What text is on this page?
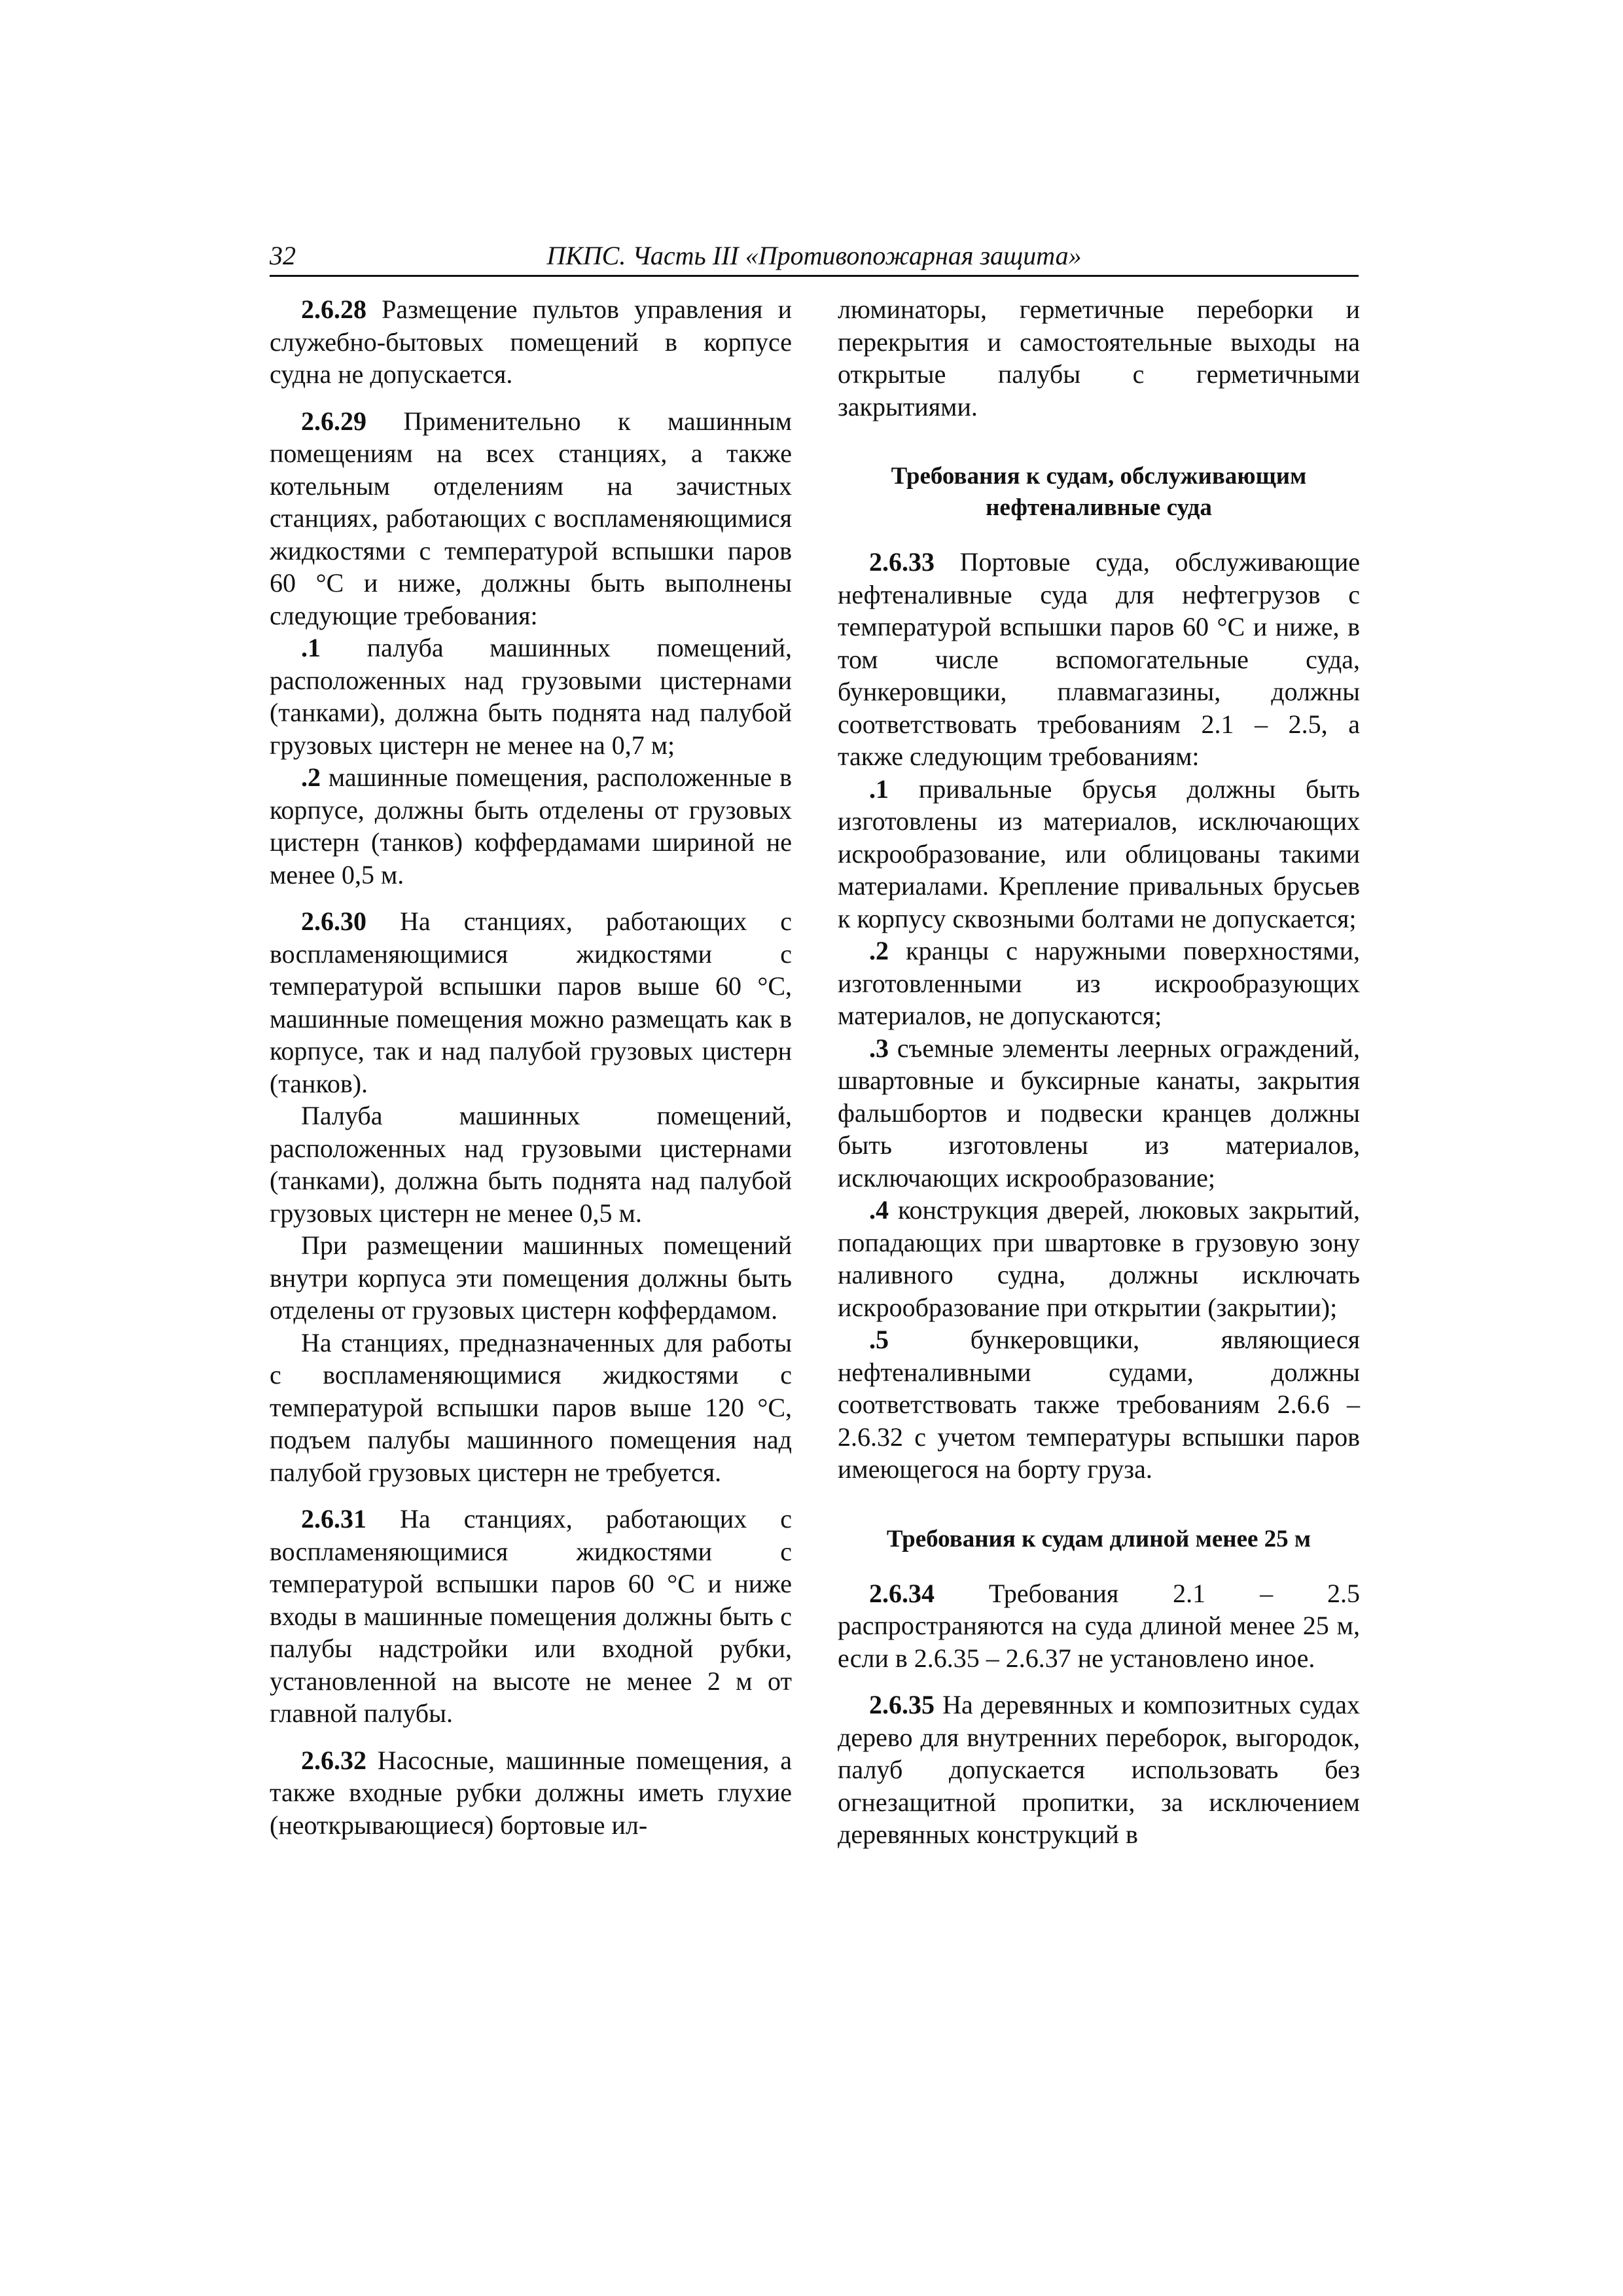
32	ПКПС. Часть III «Противопожарная защита»

2.6.28 Размещение пультов управления и служебно-бытовых помещений в корпусе судна не допускается.

2.6.29 Применительно к машинным помещениям на всех станциях, а также котельным отделениям на зачистных станциях, работающих с воспламеняющимися жидкостями с температурой вспышки паров 60 °С и ниже, должны быть выполнены следующие требования:

.1 палуба машинных помещений, расположенных над грузовыми цистернами (танками), должна быть поднята над палубой грузовых цистерн не менее на 0,7 м;

.2 машинные помещения, расположенные в корпусе, должны быть отделены от грузовых цистерн (танков) коффердамами шириной не менее 0,5 м.

2.6.30 На станциях, работающих с воспламеняющимися жидкостями с температурой вспышки паров выше 60 °С, машинные помещения можно размещать как в корпусе, так и над палубой грузовых цистерн (танков).

Палуба машинных помещений, расположенных над грузовыми цистернами (танками), должна быть поднята над палубой грузовых цистерн не менее 0,5 м.

При размещении машинных помещений внутри корпуса эти помещения должны быть отделены от грузовых цистерн коффердамом.

На станциях, предназначенных для работы с воспламеняющимися жидкостями с температурой вспышки паров выше 120 °С, подъем палубы машинного помещения над палубой грузовых цистерн не требуется.

2.6.31 На станциях, работающих с воспламеняющимися жидкостями с температурой вспышки паров 60 °С и ниже входы в машинные помещения должны быть с палубы надстройки или входной рубки, установленной на высоте не менее 2 м от главной палубы.

2.6.32 Насосные, машинные помещения, а также входные рубки должны иметь глухие (неоткрывающиеся) бортовые ил-

люминаторы, герметичные переборки и перекрытия и самостоятельные выходы на открытые палубы с герметичными закрытиями.

Требования к судам, обслуживающим нефтеналивные суда

2.6.33 Портовые суда, обслуживающие нефтеналивные суда для нефтегрузов с температурой вспышки паров 60 °С и ниже, в том числе вспомогательные суда, бункеровщики, плавмагазины, должны соответствовать требованиям 2.1 – 2.5, а также следующим требованиям:

.1 привальные брусья должны быть изготовлены из материалов, исключающих искрообразование, или облицованы такими материалами. Крепление привальных брусьев к корпусу сквозными болтами не допускается;

.2 кранцы с наружными поверхностями, изготовленными из искрообразующих материалов, не допускаются;

.3 съемные элементы леерных ограждений, швартовные и буксирные канаты, закрытия фальшбортов и подвески кранцев должны быть изготовлены из материалов, исключающих искрообразование;

.4 конструкция дверей, люковых закрытий, попадающих при швартовке в грузовую зону наливного судна, должны исключать искрообразование при открытии (закрытии);

.5 бункеровщики, являющиеся нефтеналивными судами, должны соответствовать также требованиям 2.6.6 – 2.6.32 с учетом температуры вспышки паров имеющегося на борту груза.

Требования к судам длиной менее 25 м

2.6.34 Требования 2.1 – 2.5 распространяются на суда длиной менее 25 м, если в 2.6.35 – 2.6.37 не установлено иное.

2.6.35 На деревянных и композитных судах дерево для внутренних переборок, выгородок, палуб допускается использовать без огнезащитной пропитки, за исключением деревянных конструкций в
